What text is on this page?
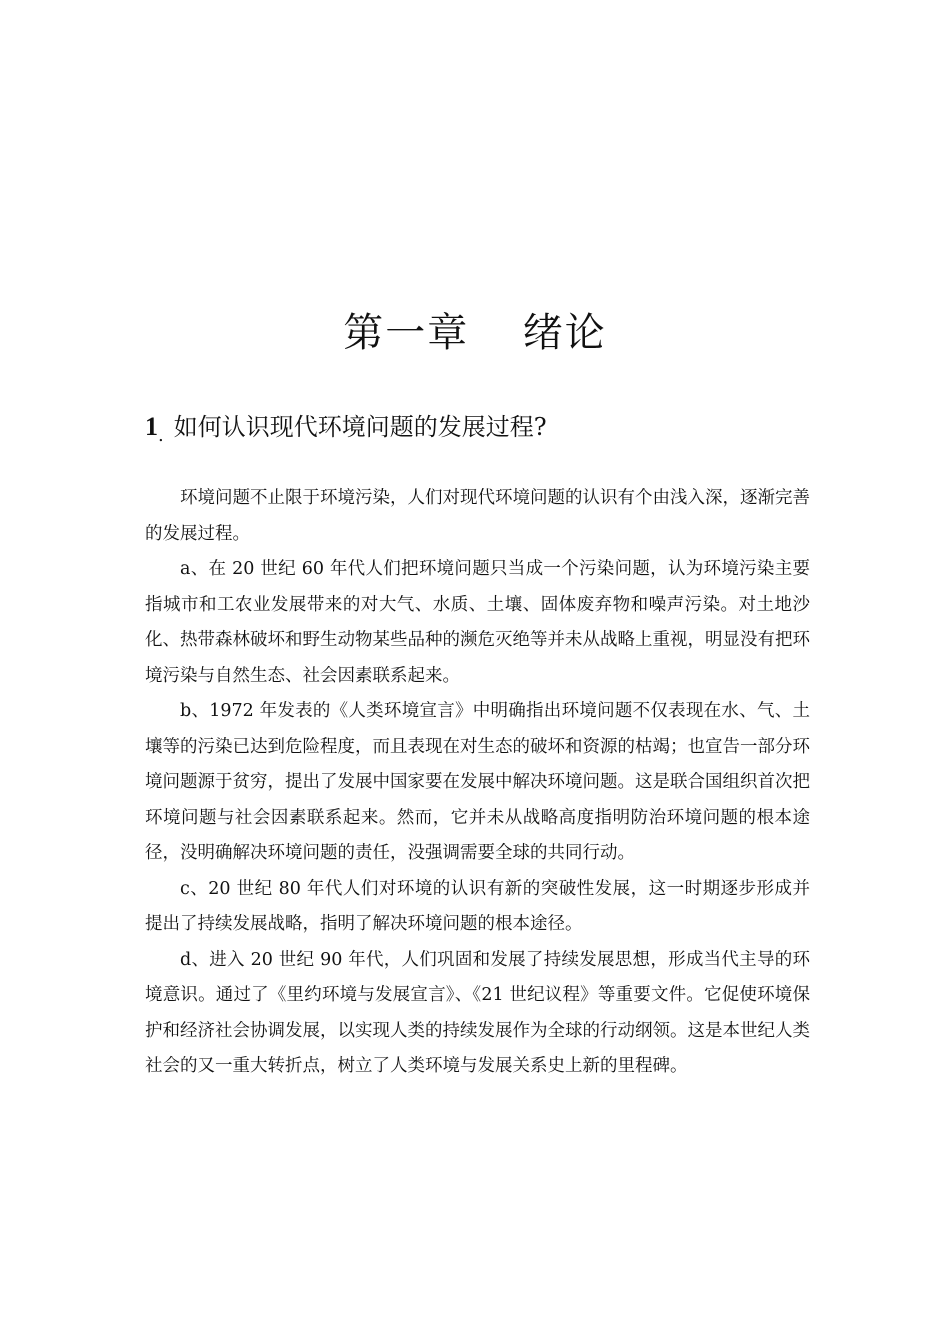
第一章  绪论
1. 如何认识现代环境问题的发展过程?

环境问题不止限于环境污染，人们对现代环境问题的认识有个由浅入深，逐渐完善的发展过程。

a、在 20 世纪 60 年代人们把环境问题只当成一个污染问题，认为环境污染主要指城市和工农业发展带来的对大气、水质、土壤、固体废弃物和噪声污染。对土地沙化、热带森林破坏和野生动物某些品种的濒危灭绝等并未从战略上重视，明显没有把环境污染与自然生态、社会因素联系起来。

b、1972 年发表的《人类环境宣言》中明确指出环境问题不仅表现在水、气、土壤等的污染已达到危险程度，而且表现在对生态的破坏和资源的枯竭；也宣告一部分环境问题源于贫穷，提出了发展中国家要在发展中解决环境问题。这是联合国组织首次把环境问题与社会因素联系起来。然而，它并未从战略高度指明防治环境问题的根本途径，没明确解决环境问题的责任，没强调需要全球的共同行动。

c、20 世纪 80 年代人们对环境的认识有新的突破性发展，这一时期逐步形成并提出了持续发展战略，指明了解决环境问题的根本途径。

d、进入 20 世纪 90 年代，人们巩固和发展了持续发展思想，形成当代主导的环境意识。通过了《里约环境与发展宣言》、《21 世纪议程》等重要文件。它促使环境保护和经济社会协调发展，以实现人类的持续发展作为全球的行动纲领。这是本世纪人类社会的又一重大转折点，树立了人类环境与发展关系史上新的里程碑。
